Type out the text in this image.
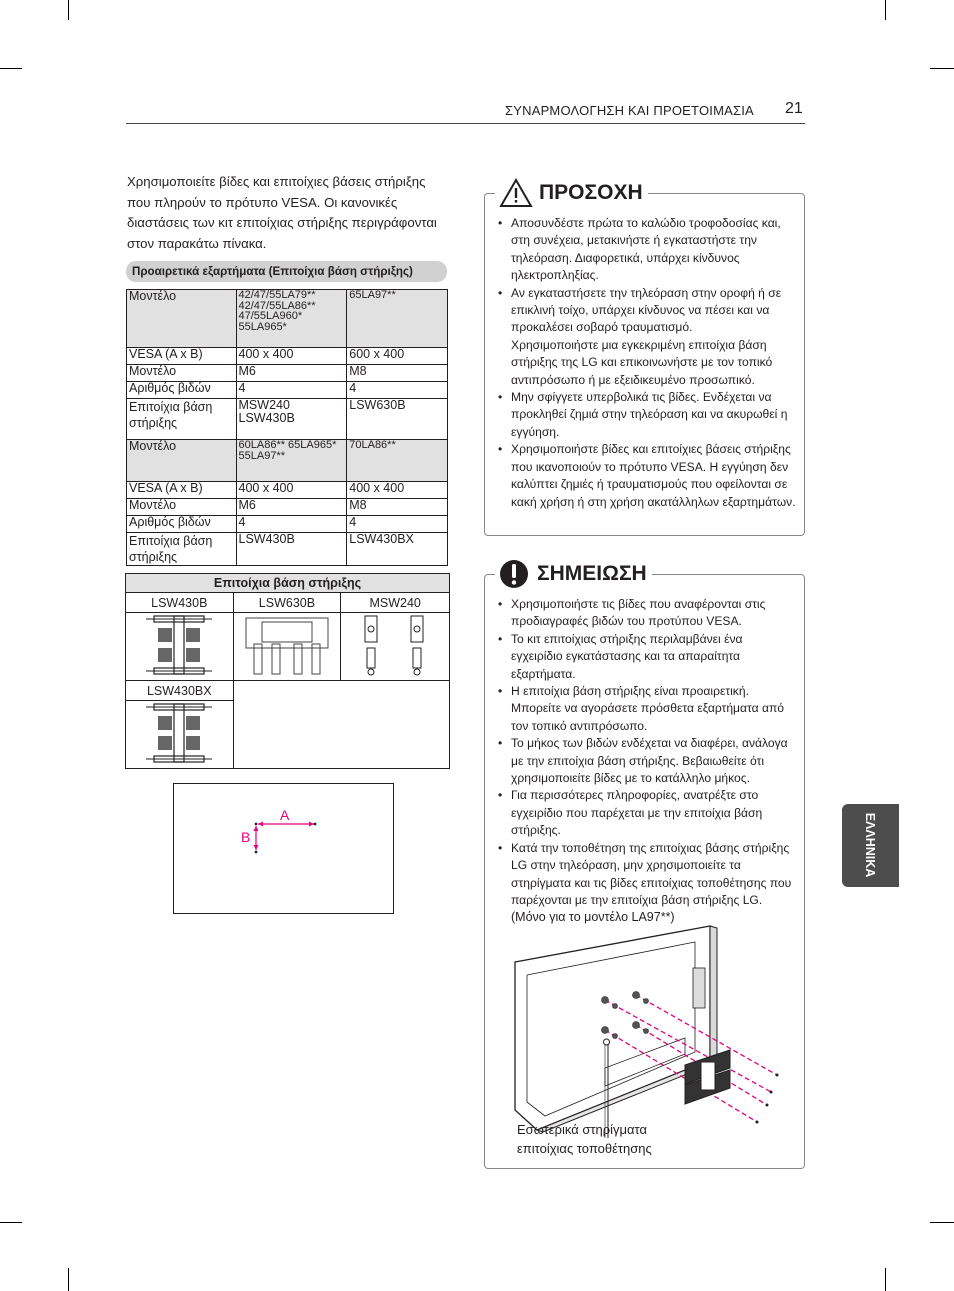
ΣΥΝΑΡΜΟΛΟΓΗΣΗ ΚΑΙ ΠΡΟΕΤΟΙΜΑΣΙΑ 21
Χρησιμοποιείτε βίδες και επιτοίχιες βάσεις στήριξης που πληρούν το πρότυπο VESA. Οι κανονικές διαστάσεις των κιτ επιτοίχιας στήριξης περιγράφονται στον παρακάτω πίνακα.
Προαιρετικά εξαρτήματα (Επιτοίχια βάση στήριξης)
Μοντέλο	42/47/55LA79** 42/47/55LA86** 47/55LA960* 55LA965*	65LA97**
VESA (A x B)	400 x 400	600 x 400
Μοντέλο	M6	M8
Αριθμός βιδών	4	4
Επιτοίχια βάση στήριξης	MSW240 LSW430B	LSW630B
Μοντέλο	60LA86** 65LA965* 55LA97**	70LA86**
VESA (A x B)	400 x 400	400 x 400
Μοντέλο	M6	M8
Αριθμός βιδών	4	4
Επιτοίχια βάση στήριξης	LSW430B	LSW430BX
Επιτοίχια βάση στήριξης		
LSW430B	LSW630B	MSW240

LSW430BX		

A
B
• Αποσυνδέστε πρώτα το καλώδιο τροφοδοσίας και, στη συνέχεια, μετακινήστε ή εγκαταστήστε την τηλεόραση. Διαφορετικά, υπάρχει κίνδυνος ηλεκτροπληξίας.
• Αν εγκαταστήσετε την τηλεόραση στην οροφή ή σε επικλινή τοίχο, υπάρχει κίνδυνος να πέσει και να προκαλέσει σοβαρό τραυματισμό.
Χρησιμοποιήστε μια εγκεκριμένη επιτοίχια βάση στήριξης της LG και επικοινωνήστε με τον τοπικό αντιπρόσωπο ή με εξειδικευμένο προσωπικό.
• Μην σφίγγετε υπερβολικά τις βίδες. Ενδέχεται να προκληθεί ζημιά στην τηλεόραση και να ακυρωθεί η εγγύηση.
• Χρησιμοποιήστε βίδες και επιτοίχιες βάσεις στήριξης που ικανοποιούν το πρότυπο VESA. Η εγγύηση δεν καλύπτει ζημιές ή τραυματισμούς που οφείλονται σε κακή χρήση ή στη χρήση ακατάλληλων εξαρτημάτων.
ΠΡΟΣΟΧΗ
• Χρησιμοποιήστε τις βίδες που αναφέρονται στις προδιαγραφές βιδών του προτύπου VESA.
• Το κιτ επιτοίχιας στήριξης περιλαμβάνει ένα εγχειρίδιο εγκατάστασης και τα απαραίτητα εξαρτήματα.
• Η επιτοίχια βάση στήριξης είναι προαιρετική.
Μπορείτε να αγοράσετε πρόσθετα εξαρτήματα από τον τοπικό αντιπρόσωπο.
• Το μήκος των βιδών ενδέχεται να διαφέρει, ανάλογα με την επιτοίχια βάση στήριξης. Βεβαιωθείτε ότι χρησιμοποιείτε βίδες με το κατάλληλο μήκος.
• Για περισσότερες πληροφορίες, ανατρέξτε στο εγχειρίδιο που παρέχεται με την επιτοίχια βάση στήριξης.
• Κατά την τοποθέτηση της επιτοίχιας βάσης στήριξης LG στην τηλεόραση, μην χρησιμοποιείτε τα στηρίγματα και τις βίδες επιτοίχιας τοποθέτησης που παρέχονται με την επιτοίχια βάση στήριξης LG.
(Μόνο για το μοντέλο LA97**)
Εσωτερικά στηρίγματα επιτοίχιας τοποθέτησης
ΣΗΜΕΙΩΣΗ
ΕΛΛΗΝΙΚΑ
